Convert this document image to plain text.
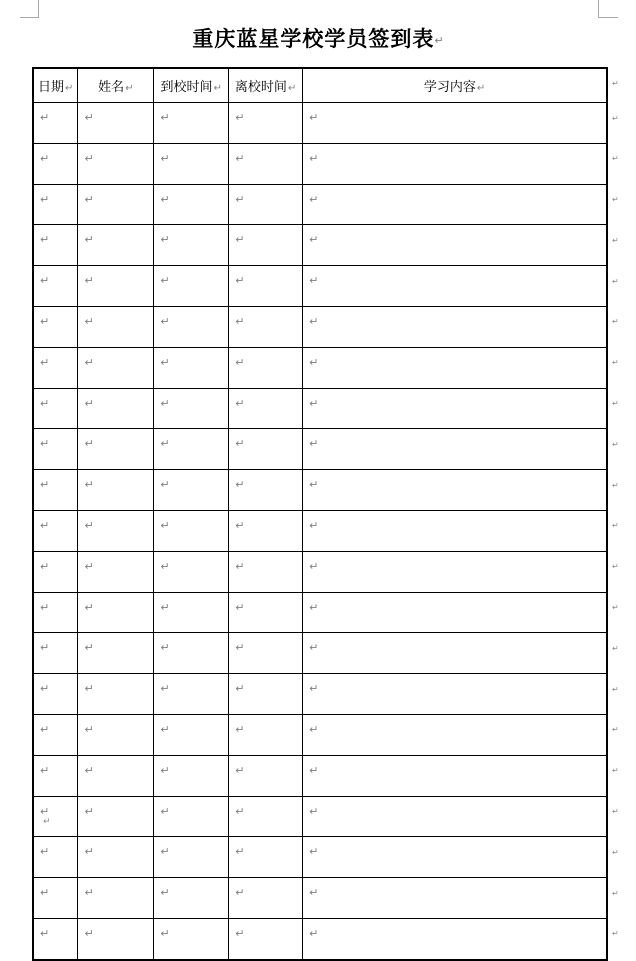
重庆蓝星学校学员签到表↵
日期↵	姓名↵	到校时间↵	离校时间↵	学习内容↵	↵
↵	↵	↵	↵	↵	↵
↵	↵	↵	↵	↵	↵
↵	↵	↵	↵	↵	↵
↵	↵	↵	↵	↵	↵
↵	↵	↵	↵	↵	↵
↵	↵	↵	↵	↵	↵
↵	↵	↵	↵	↵	↵
↵	↵	↵	↵	↵	↵
↵	↵	↵	↵	↵	↵
↵	↵	↵	↵	↵	↵
↵	↵	↵	↵	↵	↵
↵	↵	↵	↵	↵	↵
↵	↵	↵	↵	↵	↵
↵	↵	↵	↵	↵	↵
↵	↵	↵	↵	↵	↵
↵	↵	↵	↵	↵	↵
↵	↵	↵	↵	↵	↵
↵	↵	↵	↵	↵	↵
↵	↵	↵	↵	↵	↵
↵	↵	↵	↵	↵	↵
↵	↵	↵	↵	↵	↵
↵
